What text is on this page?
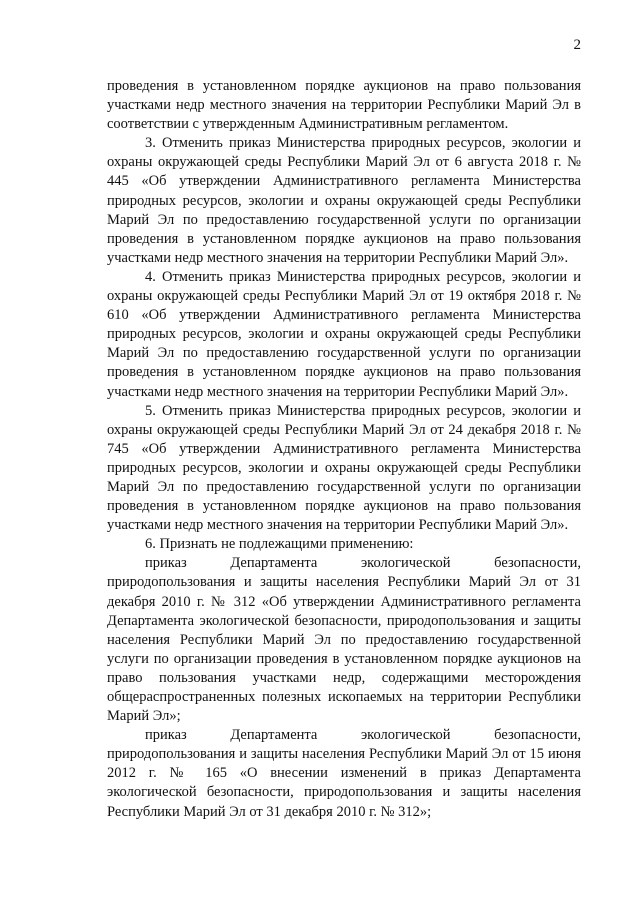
2

проведения в установленном порядке аукционов на право пользования участками недр местного значения на территории Республики Марий Эл в соответствии с утвержденным Административным регламентом.

3. Отменить приказ Министерства природных ресурсов, экологии и охраны окружающей среды Республики Марий Эл от 6 августа 2018 г. № 445 «Об утверждении Административного регламента Министерства природных ресурсов, экологии и охраны окружающей среды Республики Марий Эл по предоставлению государственной услуги по организации проведения в установленном порядке аукционов на право пользования участками недр местного значения на территории Республики Марий Эл».

4. Отменить приказ Министерства природных ресурсов, экологии и охраны окружающей среды Республики Марий Эл от 19 октября 2018 г. № 610 «Об утверждении Административного регламента Министерства природных ресурсов, экологии и охраны окружающей среды Республики Марий Эл по предоставлению государственной услуги по организации проведения в установленном порядке аукционов на право пользования участками недр местного значения на территории Республики Марий Эл».

5. Отменить приказ Министерства природных ресурсов, экологии и охраны окружающей среды Республики Марий Эл от 24 декабря 2018 г. № 745 «Об утверждении Административного регламента Министерства природных ресурсов, экологии и охраны окружающей среды Республики Марий Эл по предоставлению государственной услуги по организации проведения в установленном порядке аукционов на право пользования участками недр местного значения на территории Республики Марий Эл».

6. Признать не подлежащими применению:

приказ Департамента экологической безопасности, природопользования и защиты населения Республики Марий Эл от 31 декабря 2010 г. № 312 «Об утверждении Административного регламента Департамента экологической безопасности, природопользования и защиты населения Республики Марий Эл по предоставлению государственной услуги по организации проведения в установленном порядке аукционов на право пользования участками недр, содержащими месторождения общераспространенных полезных ископаемых на территории Республики Марий Эл»;

приказ Департамента экологической безопасности, природопользования и защиты населения Республики Марий Эл от 15 июня 2012 г. № 165 «О внесении изменений в приказ Департамента экологической безопасности, природопользования и защиты населения Республики Марий Эл от 31 декабря 2010 г. № 312»;
